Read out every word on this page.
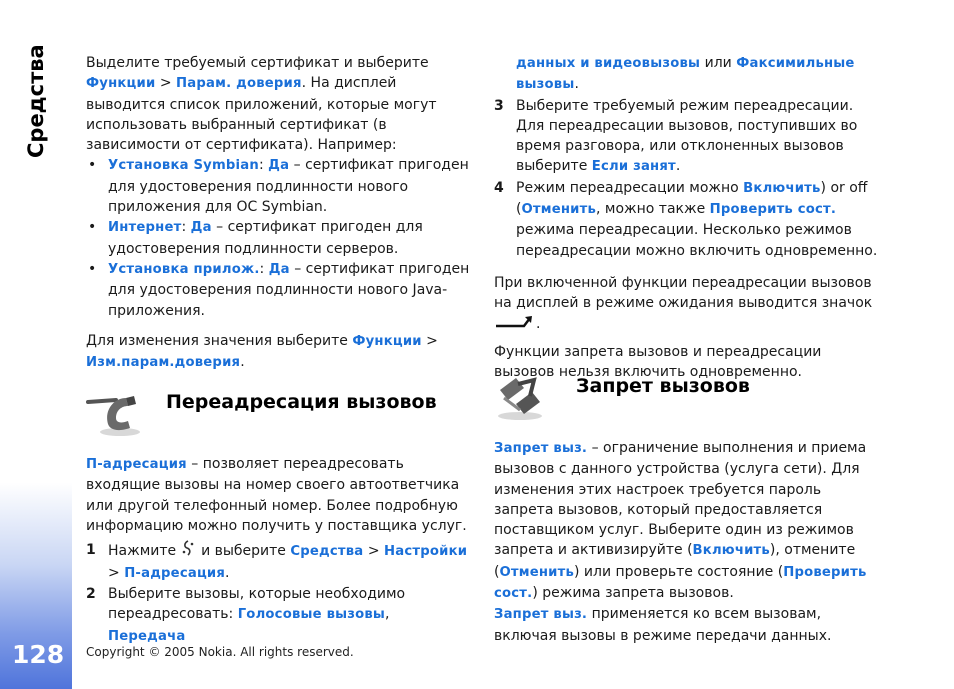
Средства
128

Выделите требуемый сертификат и выберите Функции > Парам. доверия. На дисплей выводится список приложений, которые могут использовать выбранный сертификат (в зависимости от сертификата). Например:

• Установка Symbian: Да – сертификат пригоден для удостоверения подлинности нового приложения для ОС Symbian.
• Интернет: Да – сертификат пригоден для удостоверения подлинности серверов.
• Установка прилож.: Да – сертификат пригоден для удостоверения подлинности нового Java-приложения.

Для изменения значения выберите Функции > Изм.парам.доверия.

Переадресация вызовов

П-адресация – позволяет переадресовать входящие вызовы на номер своего автоответчика или другой телефонный номер. Более подробную информацию можно получить у поставщика услуг.

1 Нажмите  и выберите Средства > Настройки > П-адресация.
2 Выберите вызовы, которые необходимо переадресовать: Голосовые вызовы, Передача

данных и видеовызовы или Факсимильные вызовы.

3 Выберите требуемый режим переадресации. Для переадресации вызовов, поступивших во время разговора, или отклоненных вызовов выберите Если занят.
4 Режим переадресации можно Включить) or off (Отменить, можно также Проверить сост. режима переадресации. Несколько режимов переадресации можно включить одновременно.

При включенной функции переадресации вызовов на дисплей в режиме ожидания выводится значок .

Функции запрета вызовов и переадресации вызовов нельзя включить одновременно.

Запрет вызовов

Запрет выз. – ограничение выполнения и приема вызовов с данного устройства (услуга сети). Для изменения этих настроек требуется пароль запрета вызовов, который предоставляется поставщиком услуг. Выберите один из режимов запрета и активизируйте (Включить), отмените (Отменить) или проверьте состояние (Проверить сост.) режима запрета вызовов.

Запрет выз. применяется ко всем вызовам, включая вызовы в режиме передачи данных.

Copyright © 2005 Nokia. All rights reserved.
